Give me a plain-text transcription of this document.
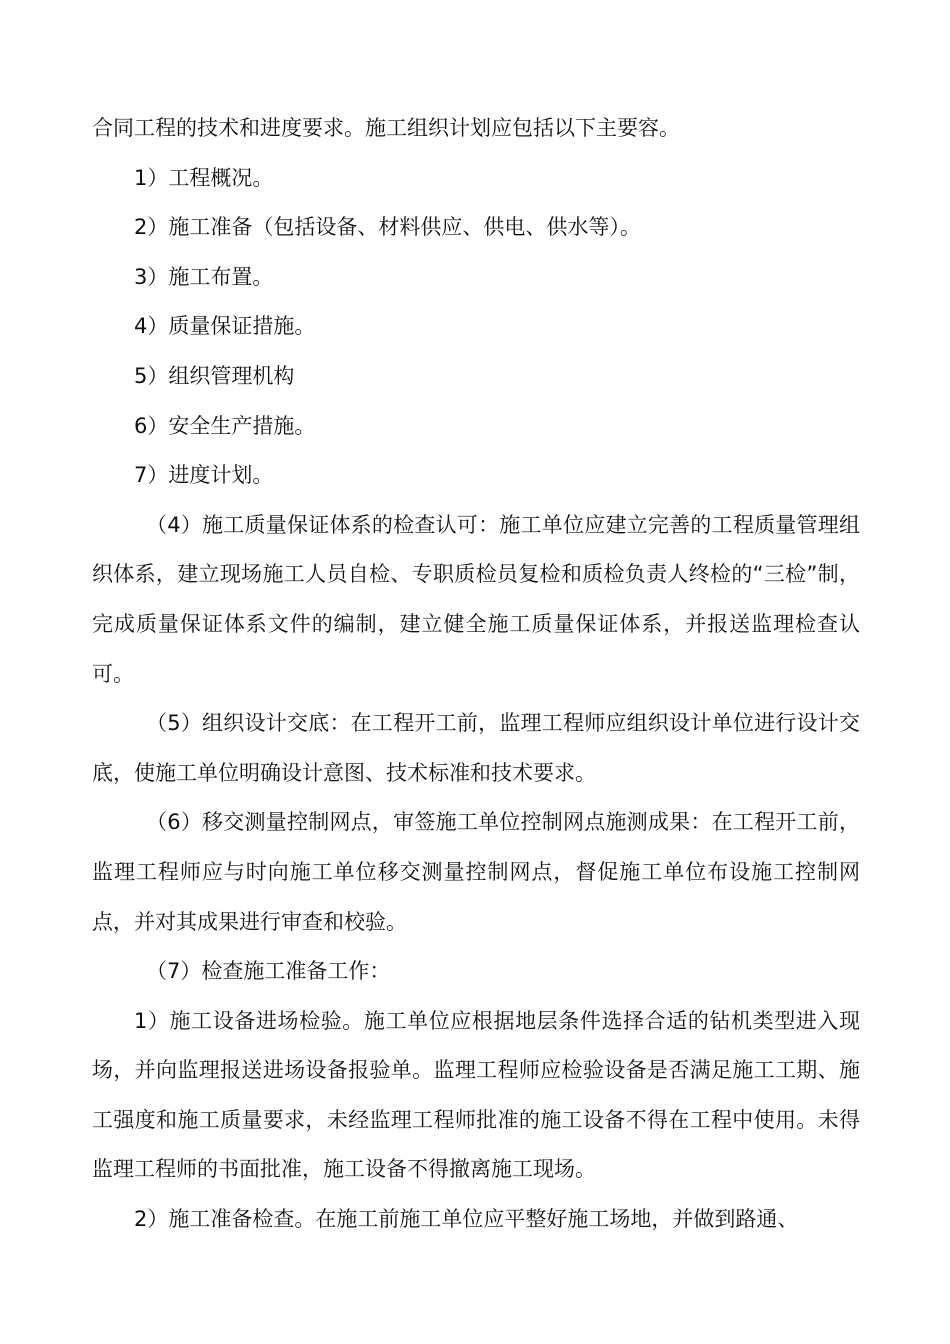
合同工程的技术和进度要求。施工组织计划应包括以下主要容。

1）工程概况。

2）施工准备（包括设备、材料供应、供电、供水等）。

3）施工布置。

4）质量保证措施。

5）组织管理机构

6）安全生产措施。

7）进度计划。

（4）施工质量保证体系的检查认可：施工单位应建立完善的工程质量管理组织体系，建立现场施工人员自检、专职质检员复检和质检负责人终检的“三检”制，完成质量保证体系文件的编制，建立健全施工质量保证体系，并报送监理检查认可。

（5）组织设计交底：在工程开工前，监理工程师应组织设计单位进行设计交底，使施工单位明确设计意图、技术标准和技术要求。

（6）移交测量控制网点，审签施工单位控制网点施测成果：在工程开工前，监理工程师应与时向施工单位移交测量控制网点，督促施工单位布设施工控制网点，并对其成果进行审查和校验。

（7）检查施工准备工作：

1）施工设备进场检验。施工单位应根据地层条件选择合适的钻机类型进入现场，并向监理报送进场设备报验单。监理工程师应检验设备是否满足施工工期、施工强度和施工质量要求，未经监理工程师批准的施工设备不得在工程中使用。未得监理工程师的书面批准，施工设备不得撤离施工现场。

2）施工准备检查。在施工前施工单位应平整好施工场地，并做到路通、
